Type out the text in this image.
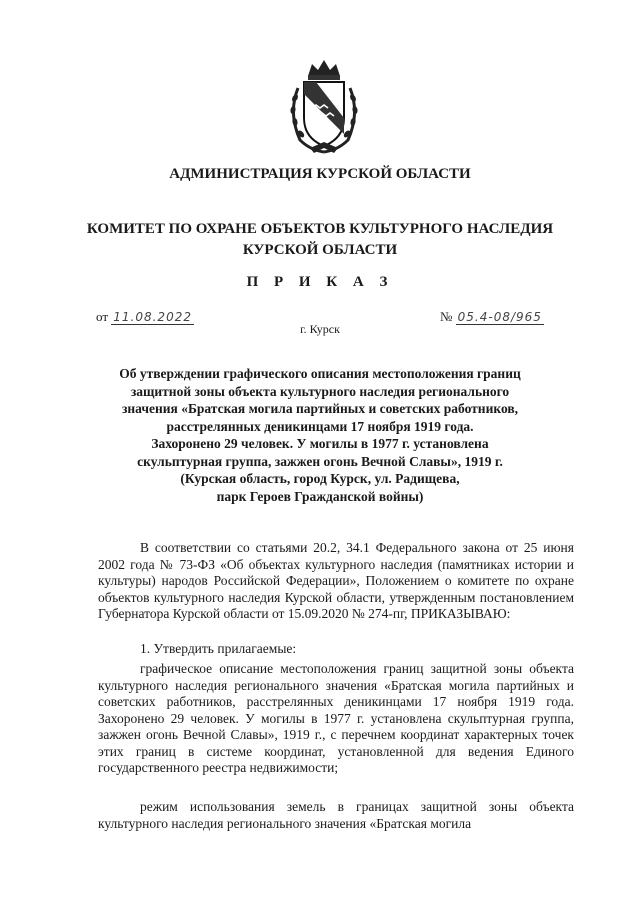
АДМИНИСТРАЦИЯ КУРСКОЙ ОБЛАСТИ
КОМИТЕТ ПО ОХРАНЕ ОБЪЕКТОВ КУЛЬТУРНОГО НАСЛЕДИЯ
КУРСКОЙ ОБЛАСТИ
П Р И К А З
от 11.08.2022	№ 05.4-08/965
г. Курск
Об утверждении графического описания местоположения границ
защитной зоны объекта культурного наследия регионального
значения «Братская могила партийных и советских работников,
расстрелянных деникинцами 17 ноября 1919 года.
Захоронено 29 человек. У могилы в 1977 г. установлена
скульптурная группа, зажжен огонь Вечной Славы», 1919 г.
(Курская область, город Курск, ул. Радищева,
парк Героев Гражданской войны)

В соответствии со статьями 20.2, 34.1 Федерального закона от 25 июня 2002 года № 73-ФЗ «Об объектах культурного наследия (памятниках истории и культуры) народов Российской Федерации», Положением о комитете по охране объектов культурного наследия Курской области, утвержденным постановлением Губернатора Курской области от 15.09.2020 № 274-пг, ПРИКАЗЫВАЮ:

1. Утвердить прилагаемые:

графическое описание местоположения границ защитной зоны объекта культурного наследия регионального значения «Братская могила партийных и советских работников, расстрелянных деникинцами 17 ноября 1919 года. Захоронено 29 человек. У могилы в 1977 г. установлена скульптурная группа, зажжен огонь Вечной Славы», 1919 г., с перечнем координат характерных точек этих границ в системе координат, установленной для ведения Единого государственного реестра недвижимости;

режим использования земель в границах защитной зоны объекта культурного наследия регионального значения «Братская могила
